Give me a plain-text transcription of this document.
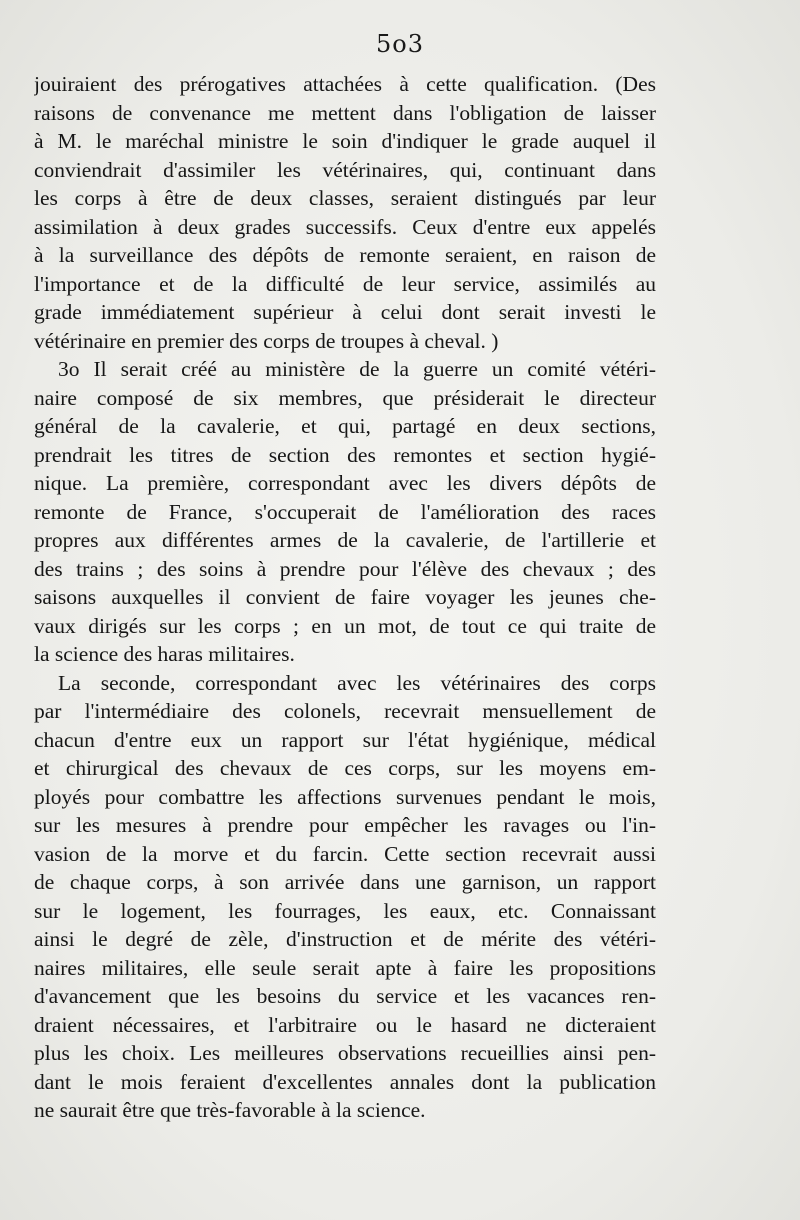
5o3
jouiraient des prérogatives attachées à cette qualification. (Des
raisons de convenance me mettent dans l'obligation de laisser
à M. le maréchal ministre le soin d'indiquer le grade auquel il
conviendrait d'assimiler les vétérinaires, qui, continuant dans
les corps à être de deux classes, seraient distingués par leur
assimilation à deux grades successifs. Ceux d'entre eux appelés
à la surveillance des dépôts de remonte seraient, en raison de
l'importance et de la difficulté de leur service, assimilés au
grade immédiatement supérieur à celui dont serait investi le
vétérinaire en premier des corps de troupes à cheval. )
3o Il serait créé au ministère de la guerre un comité vétéri-
naire composé de six membres, que présiderait le directeur
général de la cavalerie, et qui, partagé en deux sections,
prendrait les titres de section des remontes et section hygié-
nique. La première, correspondant avec les divers dépôts de
remonte de France, s'occuperait de l'amélioration des races
propres aux différentes armes de la cavalerie, de l'artillerie et
des trains ; des soins à prendre pour l'élève des chevaux ; des
saisons auxquelles il convient de faire voyager les jeunes che-
vaux dirigés sur les corps ; en un mot, de tout ce qui traite de
la science des haras militaires.
La seconde, correspondant avec les vétérinaires des corps
par l'intermédiaire des colonels, recevrait mensuellement de
chacun d'entre eux un rapport sur l'état hygiénique, médical
et chirurgical des chevaux de ces corps, sur les moyens em-
ployés pour combattre les affections survenues pendant le mois,
sur les mesures à prendre pour empêcher les ravages ou l'in-
vasion de la morve et du farcin. Cette section recevrait aussi
de chaque corps, à son arrivée dans une garnison, un rapport
sur le logement, les fourrages, les eaux, etc. Connaissant
ainsi le degré de zèle, d'instruction et de mérite des vétéri-
naires militaires, elle seule serait apte à faire les propositions
d'avancement que les besoins du service et les vacances ren-
draient nécessaires, et l'arbitraire ou le hasard ne dicteraient
plus les choix. Les meilleures observations recueillies ainsi pen-
dant le mois feraient d'excellentes annales dont la publication
ne saurait être que très-favorable à la science.
